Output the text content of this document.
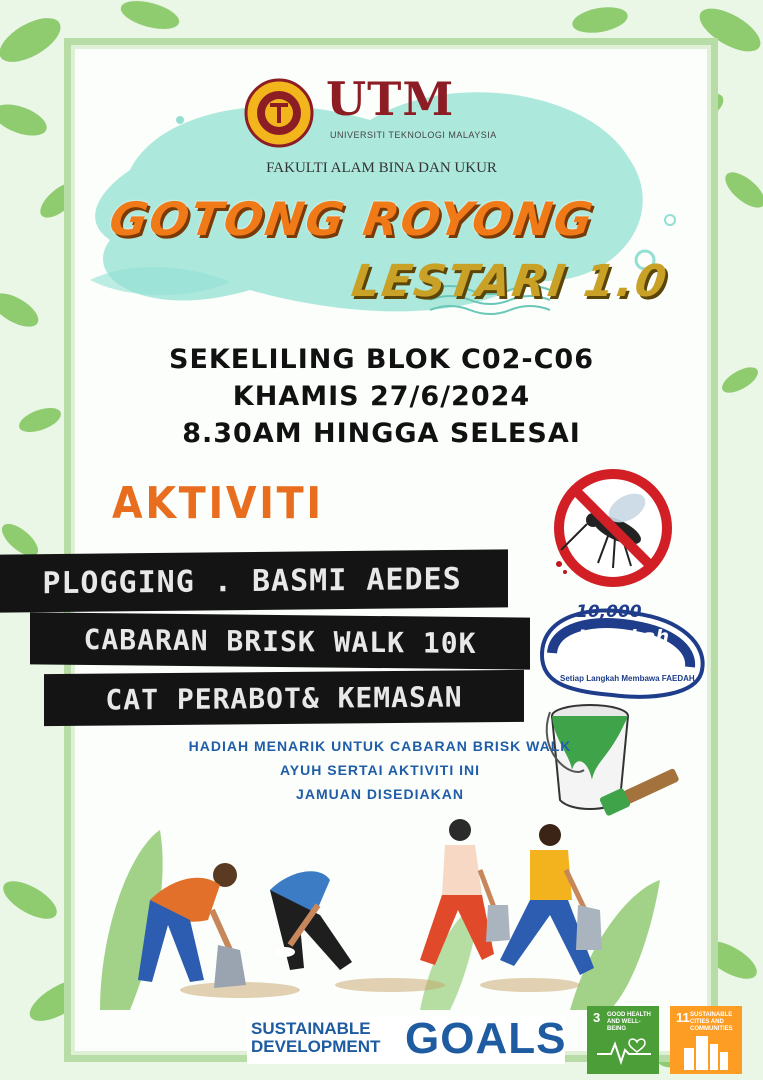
UTM
UNIVERSITI TEKNOLOGI MALAYSIA
FAKULTI ALAM BINA DAN UKUR
GOTONG ROYONG
LESTARI 1.0
SEKELILING BLOK C02-C06
KHAMIS 27/6/2024
8.30AM HINGGA SELESAI
AKTIVITI
PLOGGING . BASMI AEDES
CABARAN BRISK WALK 10K
CAT PERABOT& KEMASAN
10,000
Langkah
Setiap Langkah Membawa FAEDAH
HADIAH MENARIK UNTUK CABARAN BRISK WALK
AYUH SERTAI AKTIVITI INI
JAMUAN DISEDIAKAN
SUSTAINABLE
DEVELOPMENT GOALS 3 GOOD HEALTH AND WELL-BEING
11 SUSTAINABLE CITIES AND COMMUNITIES
